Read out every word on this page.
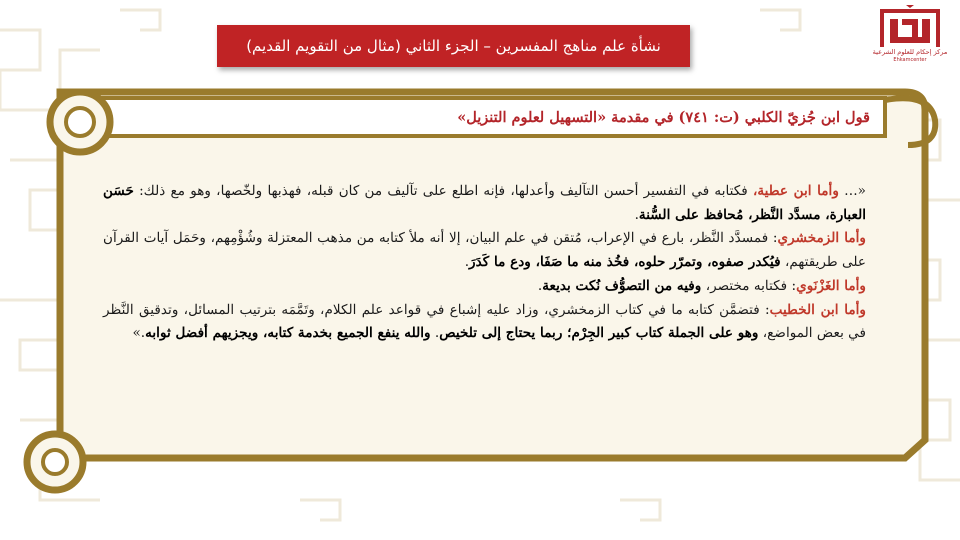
نشأة علم مناهج المفسرين – الجزء الثاني (مثال من التقويم القديم)	مركز إحكام للعلوم الشرعية
Ehkamcenter
قول ابن جُزيّ الكلبي (ت: ٧٤١) في مقدمة «التسهيل لعلوم التنزيل»

«… وأما ابن عطية، فكتابه في التفسير أحسن التآليف وأعدلها، فإنه اطلع على تآليف من كان قبله، فهذبها ولخّصها، وهو مع ذلك: حَسَن العبارة، مسدَّد النَّظر، مُحافظ على السُّنة.

وأما الزمخشري: فمسدَّد النَّظر، بارع في الإعراب، مُتقن في علم البيان، إلا أنه ملأ كتابه من مذهب المعتزلة وشُؤْمِهم، وحَمَل آيات القرآن على طريقتهم، فيُكدر صفوه، وتمرّر حلوه، فخُذ منه ما صَفَا، ودع ما كَدَرَ.

وأما الغَزْنَوي: فكتابه مختصر، وفيه من التصوُّف نُكت بديعة.

وأما ابن الخطيب: فتضمَّن كتابه ما في كتاب الزمخشري، وزاد عليه إشباع في قواعد علم الكلام، وتَمَّمَه بترتيب المسائل، وتدقيق النَّظر في بعض المواضع، وهو على الجملة كتاب كبير الجِرْم؛ ربما يحتاج إلى تلخيص. والله ينفع الجميع بخدمة كتابه، ويجزيهم أفضل ثوابه.»
